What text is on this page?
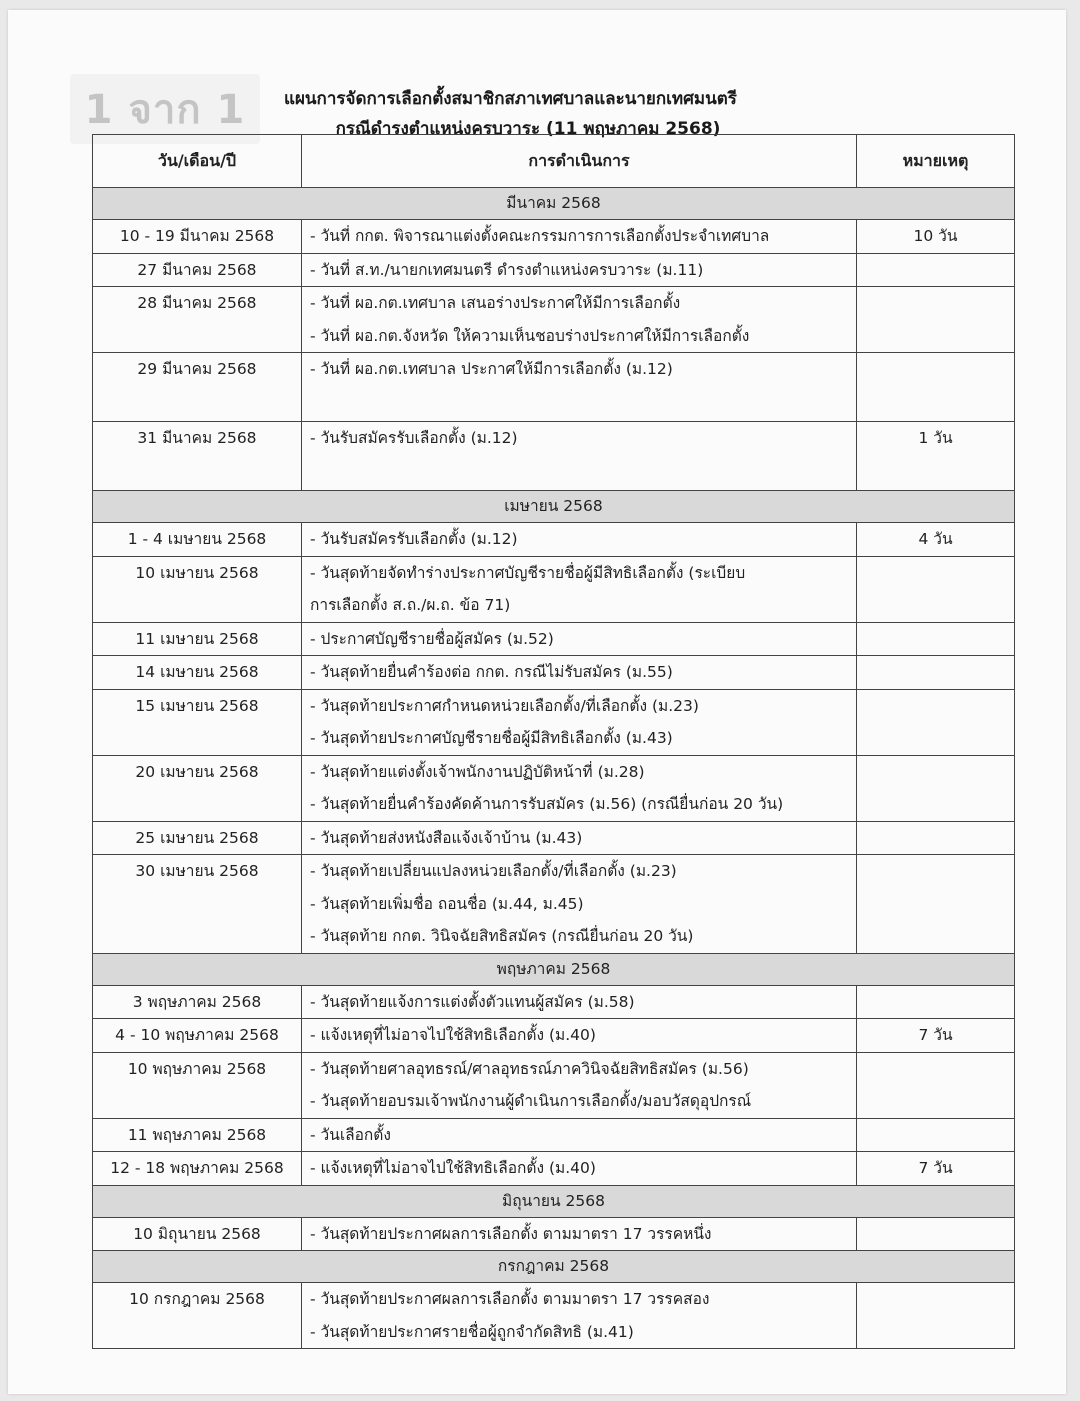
1 จาก 1	แผนการจัดการเลือกตั้งสมาชิกสภาเทศบาลและนายกเทศมนตรี
กรณีดำรงตำแหน่งครบวาระ (11 พฤษภาคม 2568)
วัน/เดือน/ปี	การดำเนินการ	หมายเหตุ
มีนาคม 2568		

10 - 19 มีนาคม 2568	- วันที่ กกต. พิจารณาแต่งตั้งคณะกรรมการการเลือกตั้งประจำเทศบาล	10 วัน

27 มีนาคม 2568	- วันที่ ส.ท./นายกเทศมนตรี ดำรงตำแหน่งครบวาระ (ม.11)	

28 มีนาคม 2568	- วันที่ ผอ.กต.เทศบาล เสนอร่างประกาศให้มีการเลือกตั้ง
- วันที่ ผอ.กต.จังหวัด ให้ความเห็นชอบร่างประกาศให้มีการเลือกตั้ง	

29 มีนาคม 2568	- วันที่ ผอ.กต.เทศบาล ประกาศให้มีการเลือกตั้ง (ม.12)	

31 มีนาคม 2568	- วันรับสมัครรับเลือกตั้ง (ม.12)	1 วัน

เมษายน 2568		

1 - 4 เมษายน 2568	- วันรับสมัครรับเลือกตั้ง (ม.12)	4 วัน

10 เมษายน 2568	- วันสุดท้ายจัดทำร่างประกาศบัญชีรายชื่อผู้มีสิทธิเลือกตั้ง (ระเบียบ
การเลือกตั้ง ส.ถ./ผ.ถ. ข้อ 71)	

11 เมษายน 2568	- ประกาศบัญชีรายชื่อผู้สมัคร (ม.52)	

14 เมษายน 2568	- วันสุดท้ายยื่นคำร้องต่อ กกต. กรณีไม่รับสมัคร (ม.55)	

15 เมษายน 2568	- วันสุดท้ายประกาศกำหนดหน่วยเลือกตั้ง/ที่เลือกตั้ง (ม.23)
- วันสุดท้ายประกาศบัญชีรายชื่อผู้มีสิทธิเลือกตั้ง (ม.43)	

20 เมษายน 2568	- วันสุดท้ายแต่งตั้งเจ้าพนักงานปฏิบัติหน้าที่ (ม.28)
- วันสุดท้ายยื่นคำร้องคัดค้านการรับสมัคร (ม.56) (กรณียื่นก่อน 20 วัน)	

25 เมษายน 2568	- วันสุดท้ายส่งหนังสือแจ้งเจ้าบ้าน (ม.43)	

30 เมษายน 2568	- วันสุดท้ายเปลี่ยนแปลงหน่วยเลือกตั้ง/ที่เลือกตั้ง (ม.23)
- วันสุดท้ายเพิ่มชื่อ ถอนชื่อ (ม.44, ม.45)
- วันสุดท้าย กกต. วินิจฉัยสิทธิสมัคร (กรณียื่นก่อน 20 วัน)	

พฤษภาคม 2568		

3 พฤษภาคม 2568	- วันสุดท้ายแจ้งการแต่งตั้งตัวแทนผู้สมัคร (ม.58)	

4 - 10 พฤษภาคม 2568	- แจ้งเหตุที่ไม่อาจไปใช้สิทธิเลือกตั้ง (ม.40)	7 วัน

10 พฤษภาคม 2568	- วันสุดท้ายศาลอุทธรณ์/ศาลอุทธรณ์ภาควินิจฉัยสิทธิสมัคร (ม.56)
- วันสุดท้ายอบรมเจ้าพนักงานผู้ดำเนินการเลือกตั้ง/มอบวัสดุอุปกรณ์	

11 พฤษภาคม 2568	- วันเลือกตั้ง	

12 - 18 พฤษภาคม 2568	- แจ้งเหตุที่ไม่อาจไปใช้สิทธิเลือกตั้ง (ม.40)	7 วัน

มิถุนายน 2568		

10 มิถุนายน 2568	- วันสุดท้ายประกาศผลการเลือกตั้ง ตามมาตรา 17 วรรคหนึ่ง	

กรกฎาคม 2568		

10 กรกฎาคม 2568	- วันสุดท้ายประกาศผลการเลือกตั้ง ตามมาตรา 17 วรรคสอง
- วันสุดท้ายประกาศรายชื่อผู้ถูกจำกัดสิทธิ (ม.41)	
